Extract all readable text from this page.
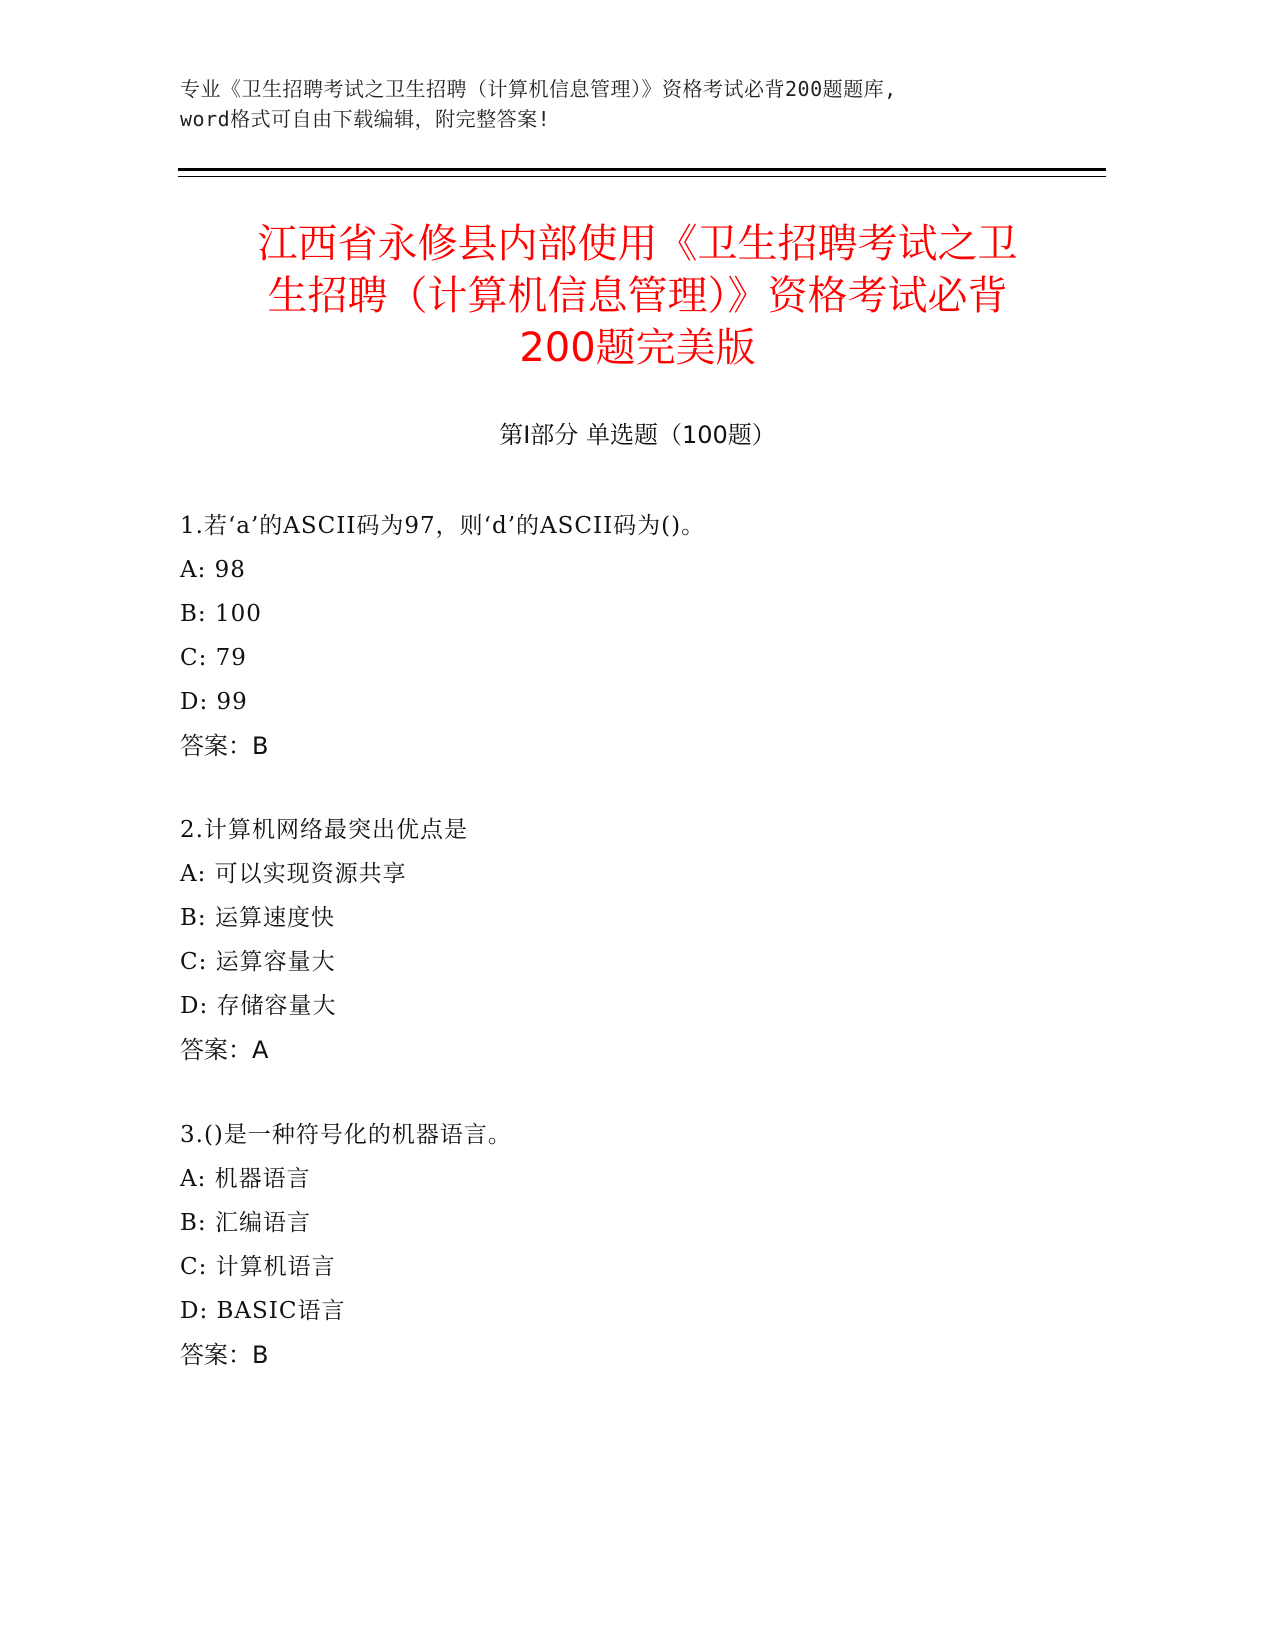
专业《卫生招聘考试之卫生招聘（计算机信息管理）》资格考试必背200题题库,
word格式可自由下载编辑，附完整答案!
江西省永修县内部使用《卫生招聘考试之卫
生招聘（计算机信息管理）》资格考试必背
200题完美版
第Ⅰ部分 单选题（100题）
1.若‘a’的ASCII码为97，则‘d’的ASCII码为()。
A: 98
B: 100
C: 79
D: 99
答案：B
2.计算机网络最突出优点是
A: 可以实现资源共享
B: 运算速度快
C: 运算容量大
D: 存储容量大
答案：A
3.()是一种符号化的机器语言。
A: 机器语言
B: 汇编语言
C: 计算机语言
D: BASIC语言
答案：B
